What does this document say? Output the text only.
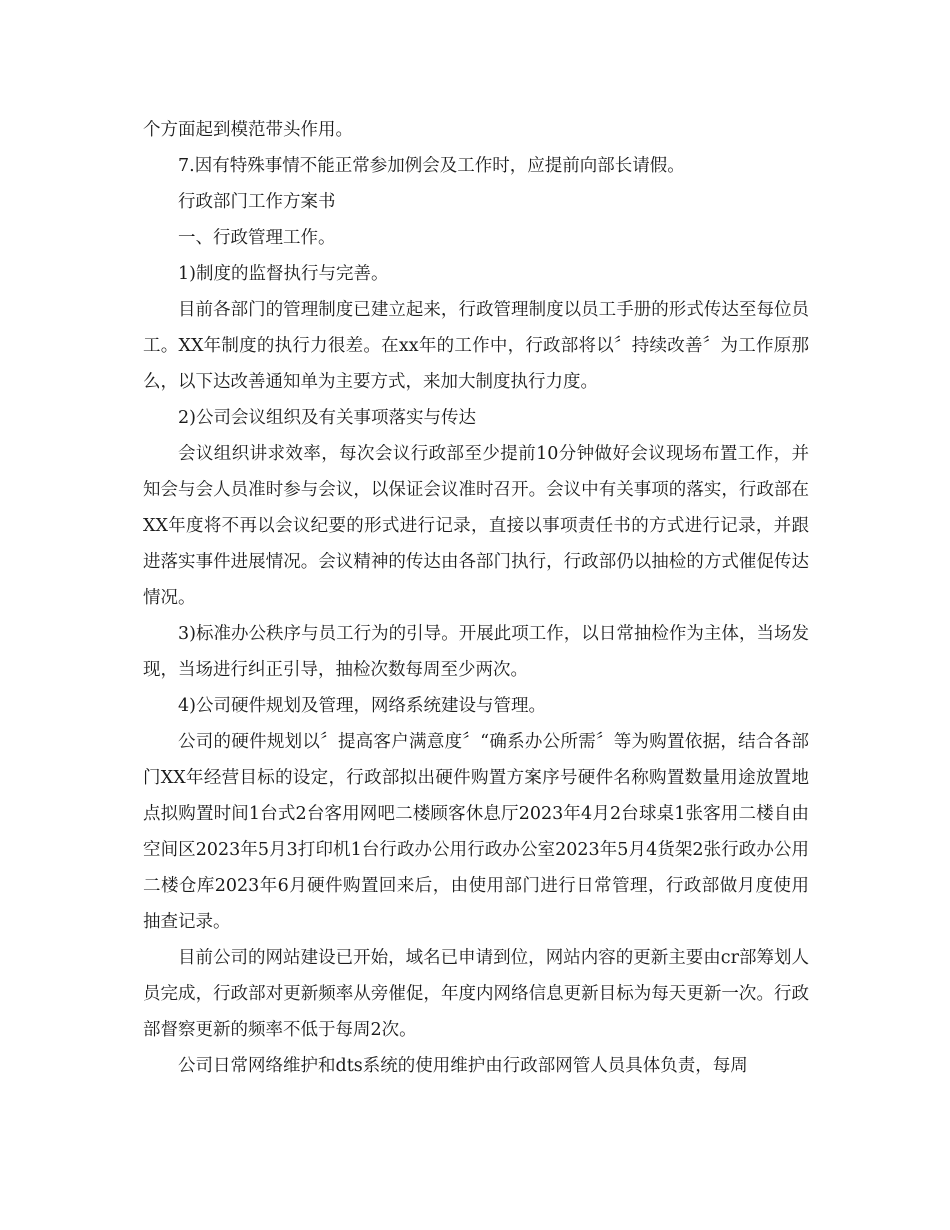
个方面起到模范带头作用。

7.因有特殊事情不能正常参加例会及工作时，应提前向部长请假。

行政部门工作方案书

一、行政管理工作。

1)制度的监督执行与完善。

目前各部门的管理制度已建立起来，行政管理制度以员工手册的形式传达至每位员工。XX年制度的执行力很差。在xx年的工作中，行政部将以〞持续改善〞为工作原那么，以下达改善通知单为主要方式，来加大制度执行力度。

2)公司会议组织及有关事项落实与传达

会议组织讲求效率，每次会议行政部至少提前10分钟做好会议现场布置工作，并知会与会人员准时参与会议，以保证会议准时召开。会议中有关事项的落实，行政部在XX年度将不再以会议纪要的形式进行记录，直接以事项责任书的方式进行记录，并跟进落实事件进展情况。会议精神的传达由各部门执行，行政部仍以抽检的方式催促传达情况。

3)标准办公秩序与员工行为的引导。开展此项工作，以日常抽检作为主体，当场发现，当场进行纠正引导，抽检次数每周至少两次。

4)公司硬件规划及管理，网络系统建设与管理。

公司的硬件规划以〞提高客户满意度〞“确系办公所需〞等为购置依据，结合各部门XX年经营目标的设定，行政部拟出硬件购置方案序号硬件名称购置数量用途放置地点拟购置时间1台式2台客用网吧二楼顾客休息厅2023年4月2台球桌1张客用二楼自由空间区2023年5月3打印机1台行政办公用行政办公室2023年5月4货架2张行政办公用二楼仓库2023年6月硬件购置回来后，由使用部门进行日常管理，行政部做月度使用抽查记录。

目前公司的网站建设已开始，域名已申请到位，网站内容的更新主要由cr部筹划人员完成，行政部对更新频率从旁催促，年度内网络信息更新目标为每天更新一次。行政部督察更新的频率不低于每周2次。

公司日常网络维护和dts系统的使用维护由行政部网管人员具体负责，每周
